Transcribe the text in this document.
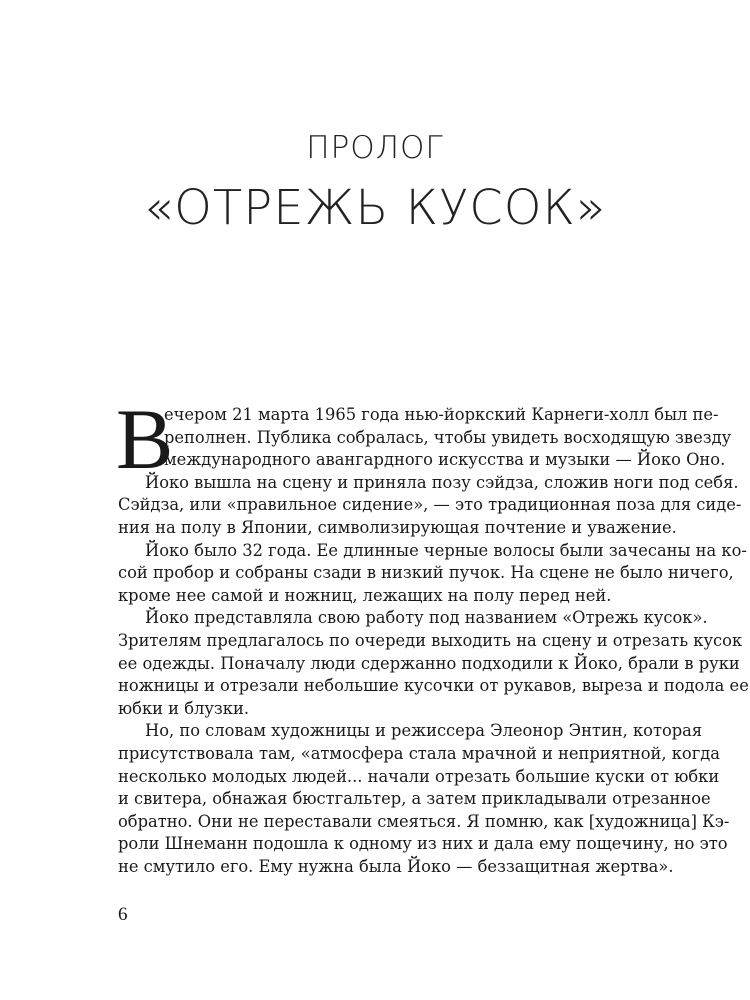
ПРОЛОГ
«ОТРЕЖЬ КУСОК»
В
ечером 21 марта 1965 года нью-йоркский Карнеги-холл был пе-
реполнен. Публика собралась, чтобы увидеть восходящую звезду
международного авангардного искусства и музыки — Йоко Оно.
Йоко вышла на сцену и приняла позу сэйдза, сложив ноги под себя.
Сэйдза, или «правильное сидение», — это традиционная поза для сиде-
ния на полу в Японии, символизирующая почтение и уважение.
Йоко было 32 года. Ее длинные черные волосы были зачесаны на ко-
сой пробор и собраны сзади в низкий пучок. На сцене не было ничего,
кроме нее самой и ножниц, лежащих на полу перед ней.
Йоко представляла свою работу под названием «Отрежь кусок».
Зрителям предлагалось по очереди выходить на сцену и отрезать кусок
ее одежды. Поначалу люди сдержанно подходили к Йоко, брали в руки
ножницы и отрезали небольшие кусочки от рукавов, выреза и подола ее
юбки и блузки.
Но, по словам художницы и режиссера Элеонор Энтин, которая
присутствовала там, «атмосфера стала мрачной и неприятной, когда
несколько молодых людей... начали отрезать большие куски от юбки
и свитера, обнажая бюстгальтер, а затем прикладывали отрезанное
обратно. Они не переставали смеяться. Я помню, как [художница] Кэ-
роли Шнеманн подошла к одному из них и дала ему пощечину, но это
не смутило его. Ему нужна была Йоко — беззащитная жертва».
6
